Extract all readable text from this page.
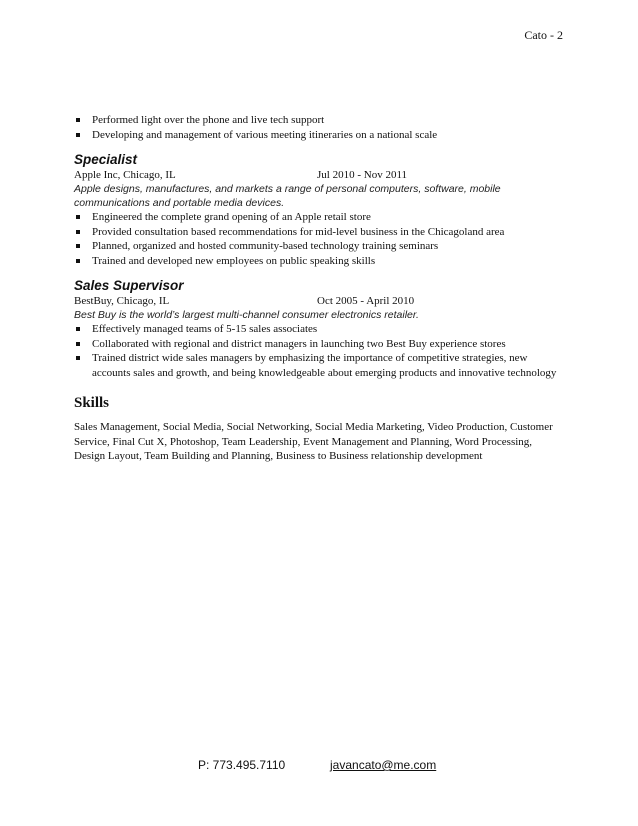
Cato - 2
Performed light over the phone and live tech support
Developing and management of various meeting itineraries on a national scale
Specialist
Apple Inc, Chicago, IL	Jul 2010 - Nov 2011
Apple designs, manufactures, and markets a range of personal computers, software, mobile communications and portable media devices.
Engineered the complete grand opening of an Apple retail store
Provided consultation based recommendations for mid-level business in the Chicagoland area
Planned, organized and hosted community-based technology training seminars
Trained and developed new employees on public speaking skills
Sales Supervisor
BestBuy, Chicago, IL	Oct 2005 - April 2010
Best Buy is the world’s largest multi-channel consumer electronics retailer.
Effectively managed teams of 5-15 sales associates
Collaborated with regional and district managers in launching two Best Buy experience stores
Trained district wide sales managers by emphasizing the importance of competitive strategies, new accounts sales and growth, and being knowledgeable about emerging products and innovative technology
Skills
Sales Management, Social Media, Social Networking, Social Media Marketing, Video Production, Customer Service, Final Cut X, Photoshop, Team Leadership, Event Management and Planning, Word Processing, Design Layout, Team Building and Planning, Business to Business relationship development
P: 773.495.7110	javancato@me.com
